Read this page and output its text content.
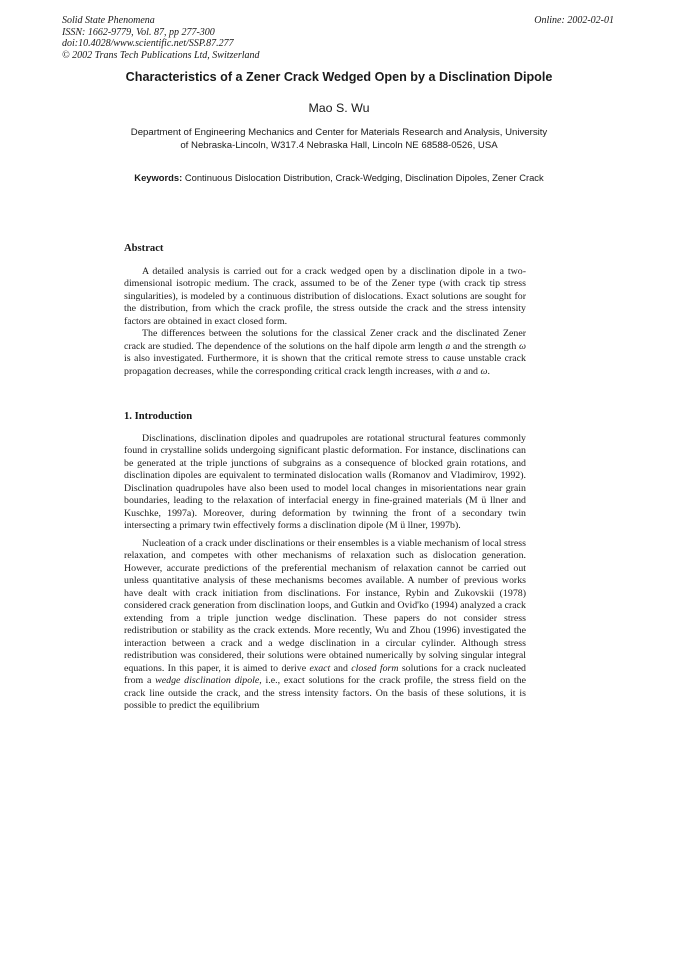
Solid State Phenomena
ISSN: 1662-9779, Vol. 87, pp 277-300
doi:10.4028/www.scientific.net/SSP.87.277
© 2002 Trans Tech Publications Ltd, Switzerland
Online: 2002-02-01
Characteristics of a Zener Crack Wedged Open by a Disclination Dipole
Mao S. Wu
Department of Engineering Mechanics and Center for Materials Research and Analysis, University
of Nebraska-Lincoln, W317.4 Nebraska Hall, Lincoln NE 68588-0526, USA
Keywords: Continuous Dislocation Distribution, Crack-Wedging, Disclination Dipoles, Zener Crack
Abstract

A detailed analysis is carried out for a crack wedged open by a disclination dipole in a two-dimensional isotropic medium. The crack, assumed to be of the Zener type (with crack tip stress singularities), is modeled by a continuous distribution of dislocations. Exact solutions are sought for the distribution, from which the crack profile, the stress outside the crack and the stress intensity factors are obtained in exact closed form.

The differences between the solutions for the classical Zener crack and the disclinated Zener crack are studied. The dependence of the solutions on the half dipole arm length a and the strength ω is also investigated. Furthermore, it is shown that the critical remote stress to cause unstable crack propagation decreases, while the corresponding critical crack length increases, with a and ω.

1. Introduction

Disclinations, disclination dipoles and quadrupoles are rotational structural features commonly found in crystalline solids undergoing significant plastic deformation. For instance, disclinations can be generated at the triple junctions of subgrains as a consequence of blocked grain rotations, and disclination dipoles are equivalent to terminated dislocation walls (Romanov and Vladimirov, 1992). Disclination quadrupoles have also been used to model local changes in misorientations near grain boundaries, leading to the relaxation of interfacial energy in fine-grained materials (M ü llner and Kuschke, 1997a). Moreover, during deformation by twinning the front of a secondary twin intersecting a primary twin effectively forms a disclination dipole (M ü llner, 1997b).

Nucleation of a crack under disclinations or their ensembles is a viable mechanism of local stress relaxation, and competes with other mechanisms of relaxation such as dislocation generation. However, accurate predictions of the preferential mechanism of relaxation cannot be carried out unless quantitative analysis of these mechanisms becomes available. A number of previous works have dealt with crack initiation from disclinations. For instance, Rybin and Zukovskii (1978) considered crack generation from disclination loops, and Gutkin and Ovid'ko (1994) analyzed a crack extending from a triple junction wedge disclination. These papers do not consider stress redistribution or stability as the crack extends. More recently, Wu and Zhou (1996) investigated the interaction between a crack and a wedge disclination in a circular cylinder. Although stress redistribution was considered, their solutions were obtained numerically by solving singular integral equations. In this paper, it is aimed to derive exact and closed form solutions for a crack nucleated from a wedge disclination dipole, i.e., exact solutions for the crack profile, the stress field on the crack line outside the crack, and the stress intensity factors. On the basis of these solutions, it is possible to predict the equilibrium
